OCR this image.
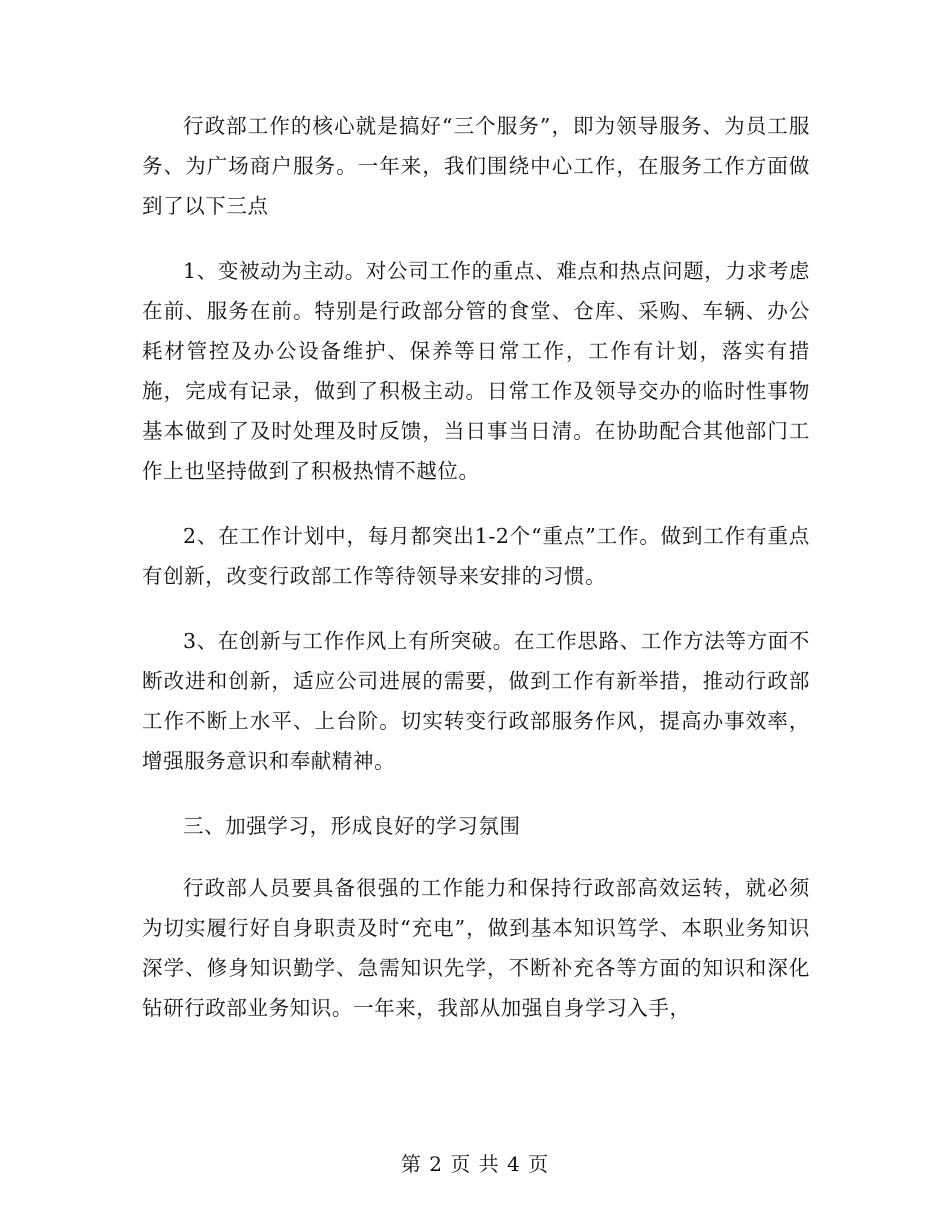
行政部工作的核心就是搞好“三个服务”，即为领导服务、为员工服务、为广场商户服务。一年来，我们围绕中心工作，在服务工作方面做到了以下三点

1、变被动为主动。对公司工作的重点、难点和热点问题，力求考虑在前、服务在前。特别是行政部分管的食堂、仓库、采购、车辆、办公耗材管控及办公设备维护、保养等日常工作，工作有计划，落实有措施，完成有记录，做到了积极主动。日常工作及领导交办的临时性事物基本做到了及时处理及时反馈，当日事当日清。在协助配合其他部门工作上也坚持做到了积极热情不越位。

2、在工作计划中，每月都突出1-2个“重点”工作。做到工作有重点有创新，改变行政部工作等待领导来安排的习惯。

3、在创新与工作作风上有所突破。在工作思路、工作方法等方面不断改进和创新，适应公司进展的需要，做到工作有新举措，推动行政部工作不断上水平、上台阶。切实转变行政部服务作风，提高办事效率，增强服务意识和奉献精神。

三、加强学习，形成良好的学习氛围

行政部人员要具备很强的工作能力和保持行政部高效运转，就必须为切实履行好自身职责及时“充电”，做到基本知识笃学、本职业务知识深学、修身知识勤学、急需知识先学，不断补充各等方面的知识和深化钻研行政部业务知识。一年来，我部从加强自身学习入手，

第 2 页 共 4 页
